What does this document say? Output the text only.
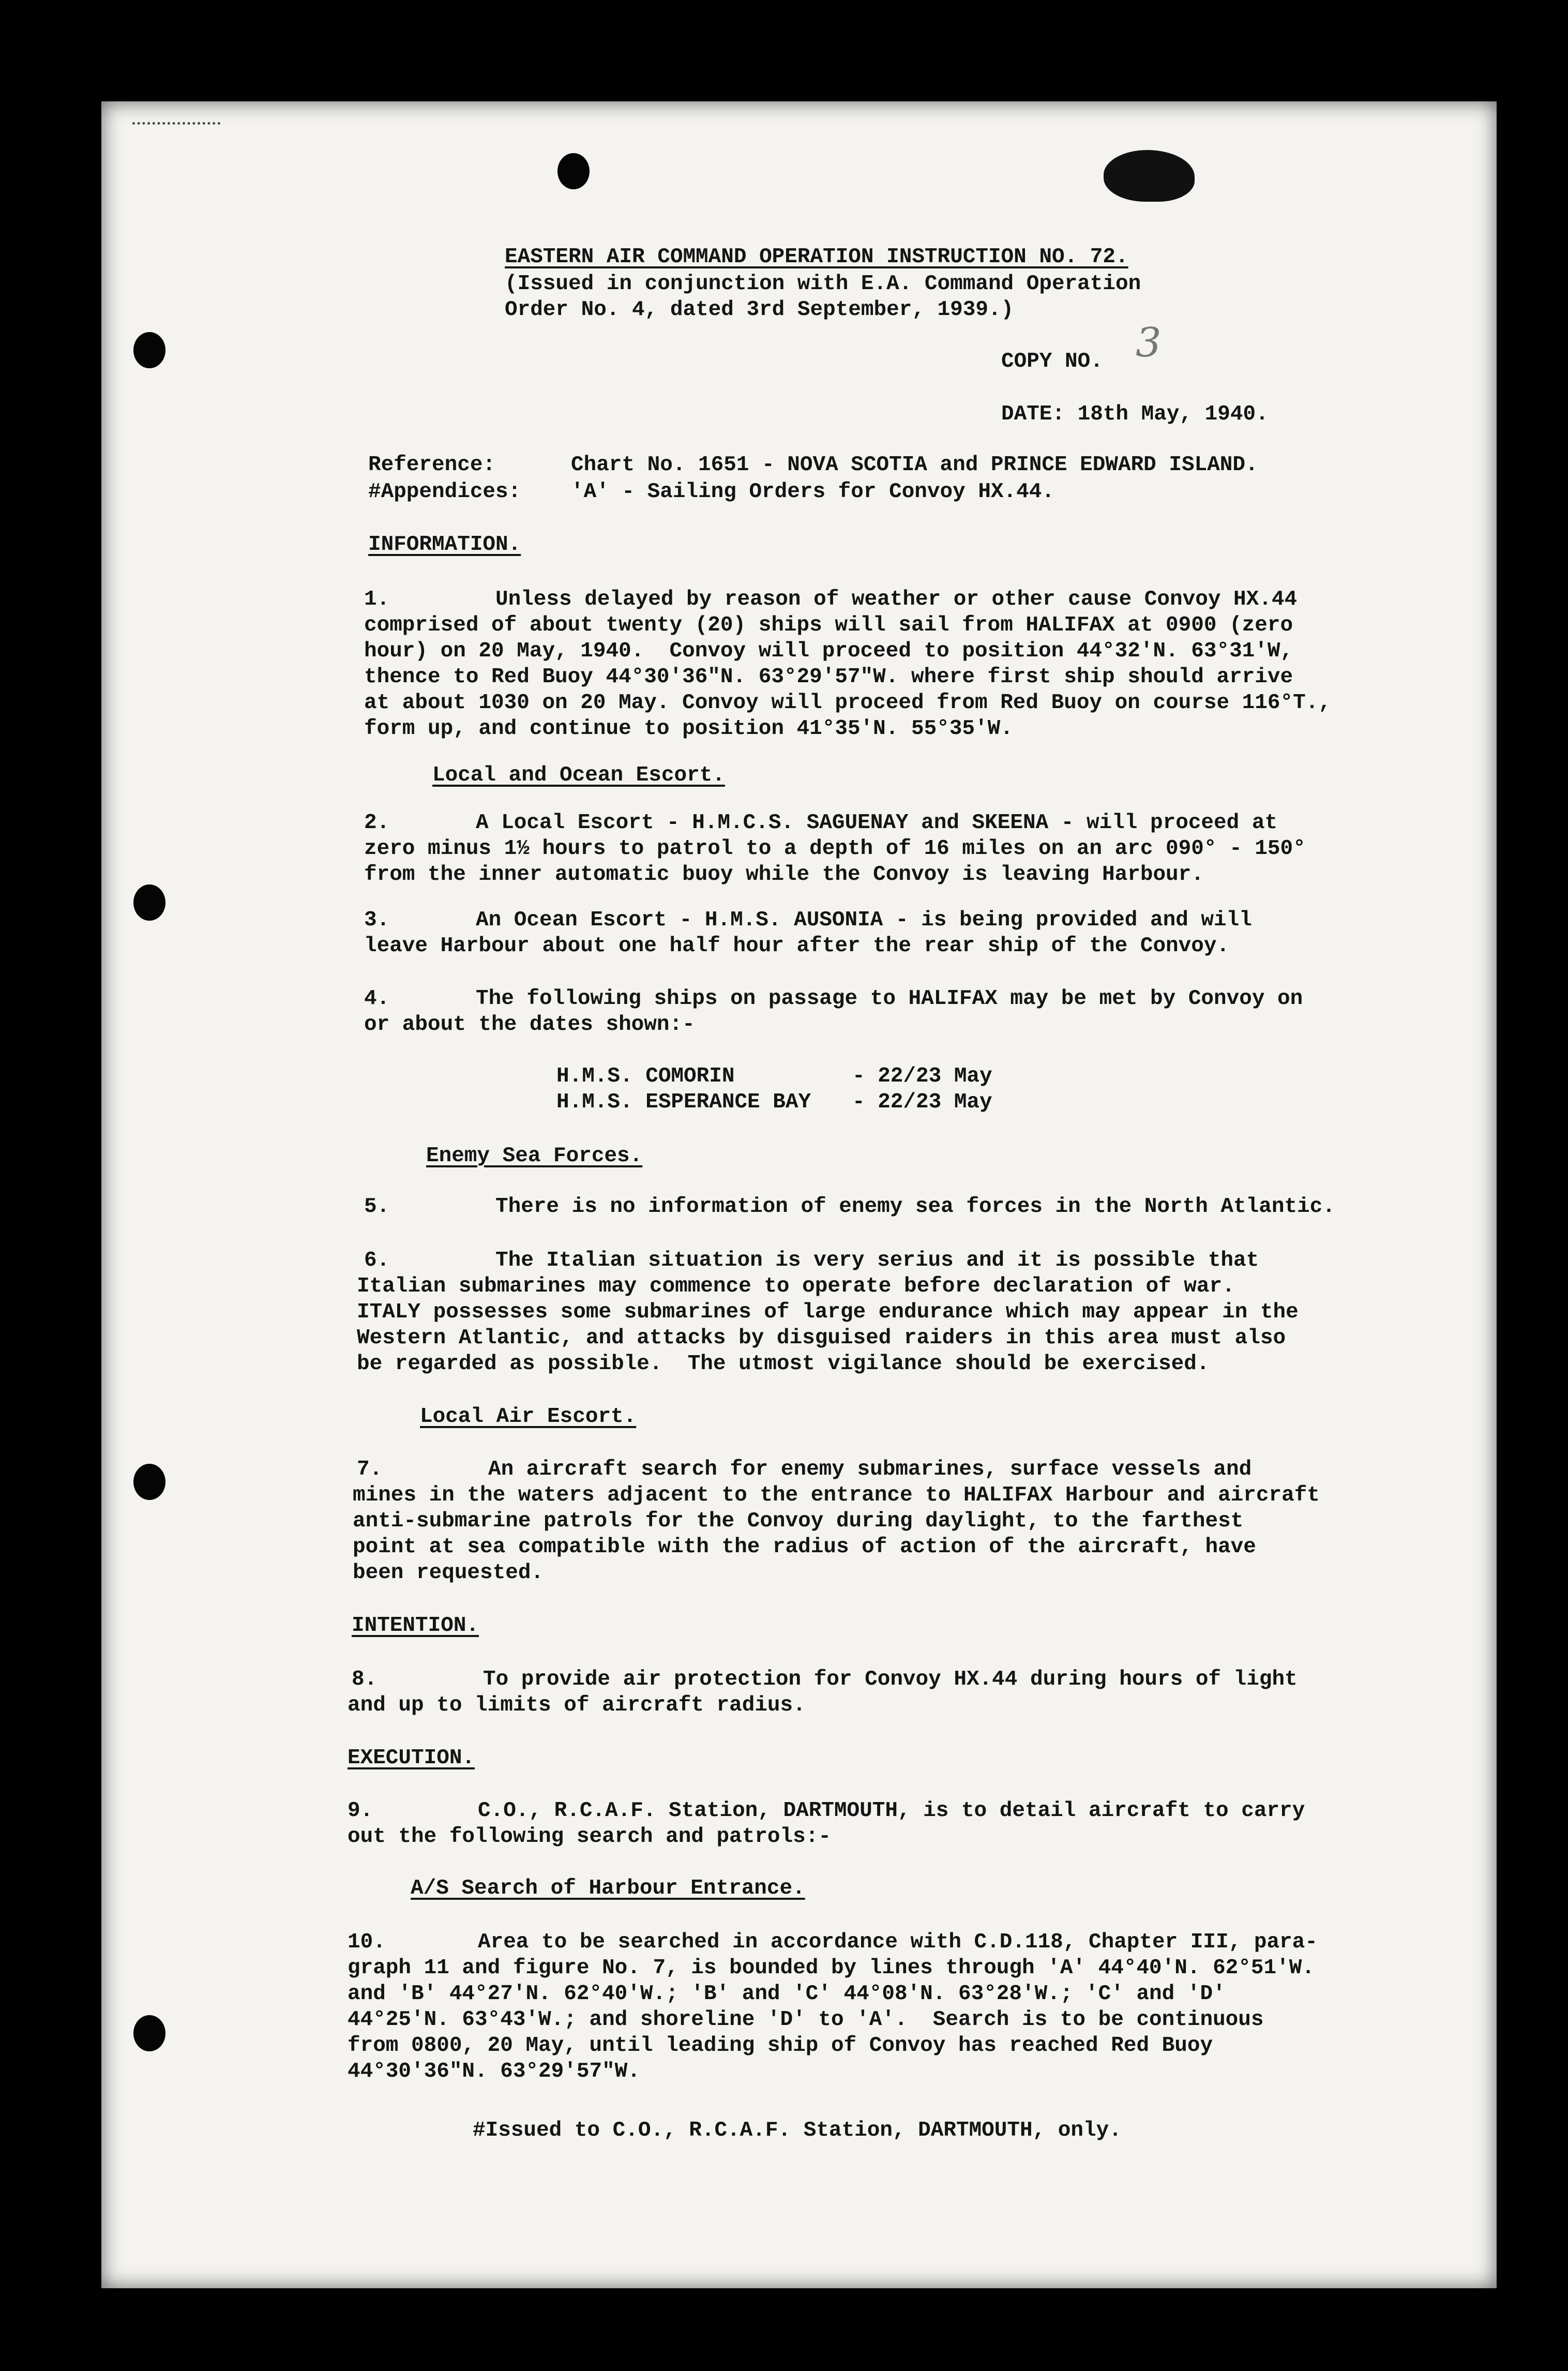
EASTERN AIR COMMAND OPERATION INSTRUCTION NO. 72.
(Issued in conjunction with E.A. Command Operation
Order No. 4, dated 3rd September, 1939.)
COPY NO. 3
DATE: 18th May, 1940.
Reference:	Chart No. 1651 - NOVA SCOTIA and PRINCE EDWARD ISLAND.
#Appendices: 'A' - Sailing Orders for Convoy HX.44.
INFORMATION.
1.	Unless delayed by reason of weather or other cause Convoy HX.44
comprised of about twenty (20) ships will sail from HALIFAX at 0900 (zero
hour) on 20 May, 1940.  Convoy will proceed to position 44°32'N. 63°31'W,
thence to Red Buoy 44°30'36"N. 63°29'57"W. where first ship should arrive
at about 1030 on 20 May. Convoy will proceed from Red Buoy on course 116°T.,
form up, and continue to position 41°35'N. 55°35'W.
Local and Ocean Escort.
2.	A Local Escort - H.M.C.S. SAGUENAY and SKEENA - will proceed at
zero minus 1½ hours to patrol to a depth of 16 miles on an arc 090° - 150°
from the inner automatic buoy while the Convoy is leaving Harbour.
3.	An Ocean Escort - H.M.S. AUSONIA - is being provided and will
leave Harbour about one half hour after the rear ship of the Convoy.
4.	The following ships on passage to HALIFAX may be met by Convoy on
or about the dates shown:-
H.M.S. COMORIN	- 22/23 May
H.M.S. ESPERANCE BAY - 22/23 May
Enemy Sea Forces.
5.	There is no information of enemy sea forces in the North Atlantic.
6.	The Italian situation is very serius and it is possible that
Italian submarines may commence to operate before declaration of war.
ITALY possesses some submarines of large endurance which may appear in the
Western Atlantic, and attacks by disguised raiders in this area must also
be regarded as possible.  The utmost vigilance should be exercised.
Local Air Escort.
7.	An aircraft search for enemy submarines, surface vessels and
mines in the waters adjacent to the entrance to HALIFAX Harbour and aircraft
anti-submarine patrols for the Convoy during daylight, to the farthest
point at sea compatible with the radius of action of the aircraft, have
been requested.
INTENTION.
8.	To provide air protection for Convoy HX.44 during hours of light
and up to limits of aircraft radius.
EXECUTION.
9.	C.O., R.C.A.F. Station, DARTMOUTH, is to detail aircraft to carry
out the following search and patrols:-
A/S Search of Harbour Entrance.
10.	Area to be searched in accordance with C.D.118, Chapter III, para-
graph 11 and figure No. 7, is bounded by lines through 'A' 44°40'N. 62°51'W.
and 'B' 44°27'N. 62°40'W.; 'B' and 'C' 44°08'N. 63°28'W.; 'C' and 'D'
44°25'N. 63°43'W.; and shoreline 'D' to 'A'.  Search is to be continuous
from 0800, 20 May, until leading ship of Convoy has reached Red Buoy
44°30'36"N. 63°29'57"W.
#Issued to C.O., R.C.A.F. Station, DARTMOUTH, only.
